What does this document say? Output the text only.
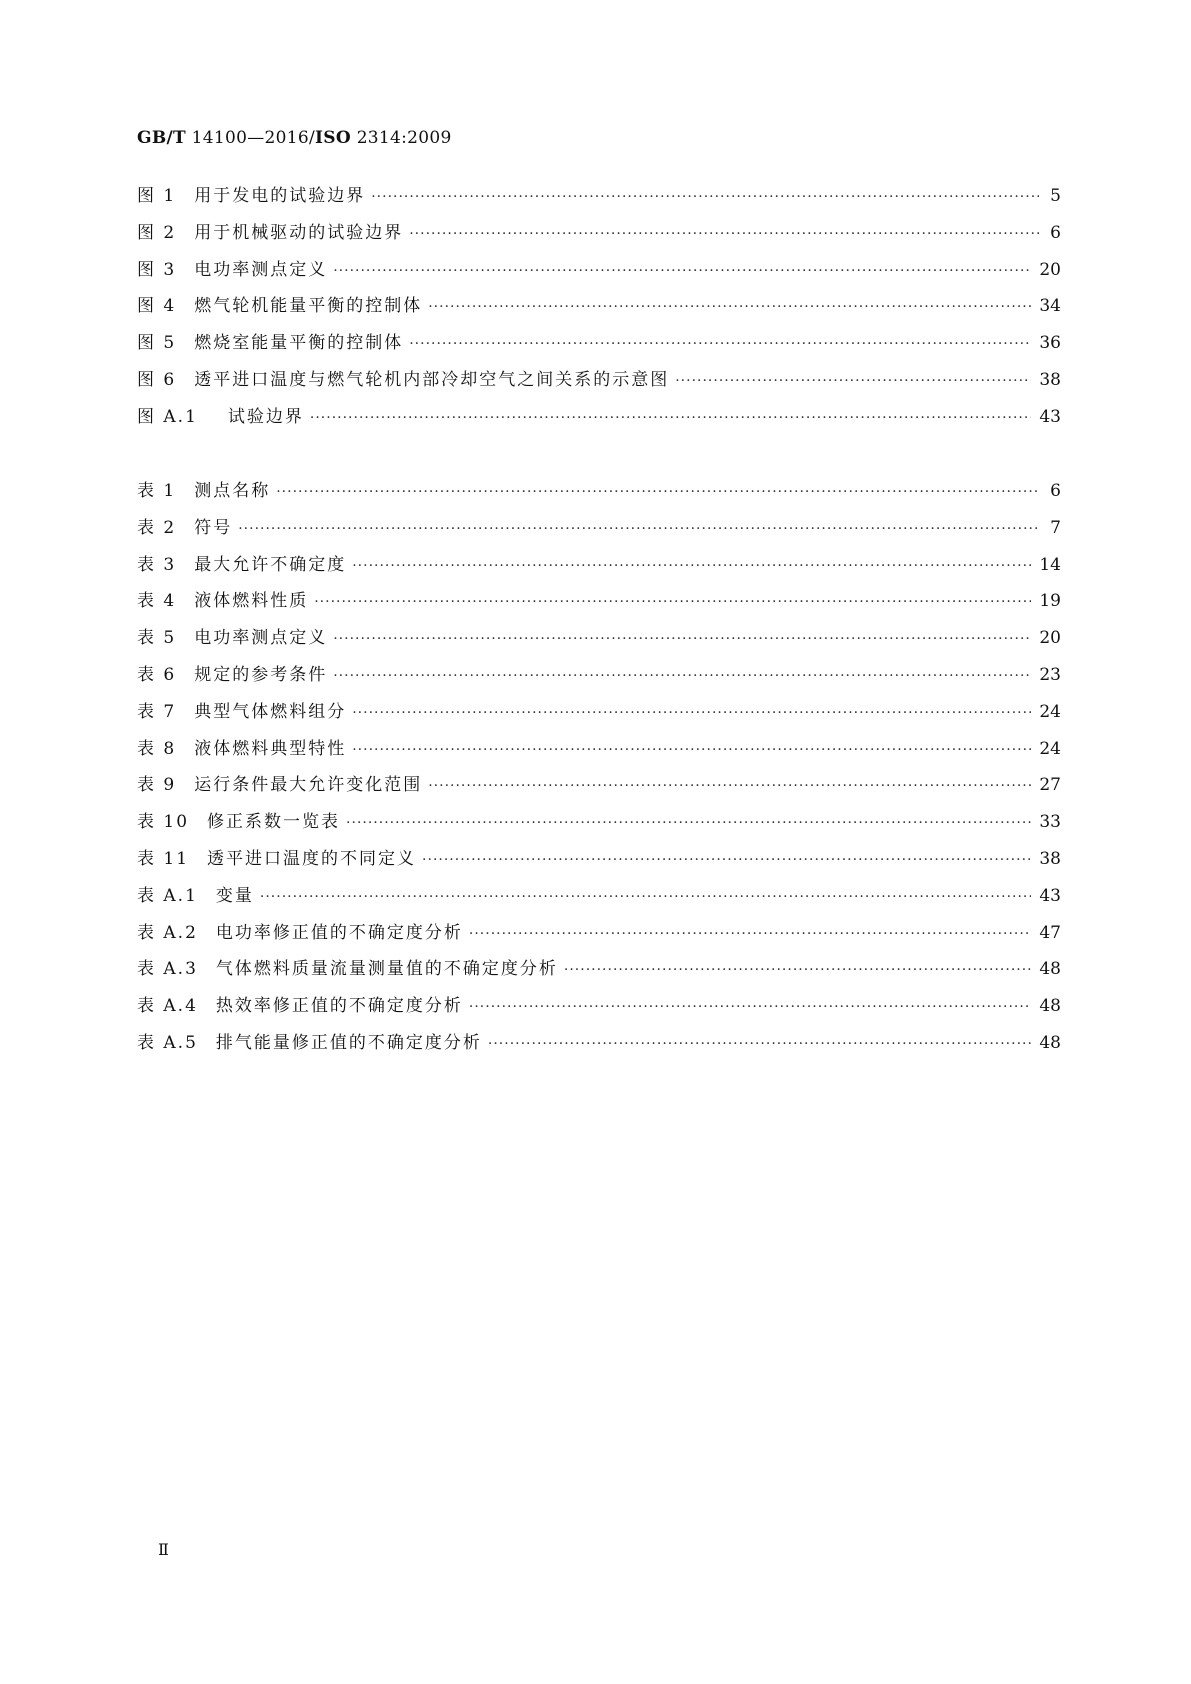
GB/T 14100—2016/ISO 2314:2009
图 1 用于发电的试验边界 ·····	5
图 2 用于机械驱动的试验边界 ·····	6
图 3 电功率测点定义 ·····	20
图 4 燃气轮机能量平衡的控制体 ·····	34
图 5 燃烧室能量平衡的控制体 ·····	36
图 6 透平进口温度与燃气轮机内部冷却空气之间关系的示意图 ·····	38
图 A.1 试验边界 ·····	43
表 1 测点名称 ·····	6
表 2 符号 ·····	7
表 3 最大允许不确定度 ·····	14
表 4 液体燃料性质 ·····	19
表 5 电功率测点定义 ·····	20
表 6 规定的参考条件 ·····	23
表 7 典型气体燃料组分 ·····	24
表 8 液体燃料典型特性 ·····	24
表 9 运行条件最大允许变化范围 ·····	27
表 10 修正系数一览表 ·····	33
表 11 透平进口温度的不同定义 ·····	38
表 A.1 变量 ·····	43
表 A.2 电功率修正值的不确定度分析 ·····	47
表 A.3 气体燃料质量流量测量值的不确定度分析 ·····	48
表 A.4 热效率修正值的不确定度分析 ·····	48
表 A.5 排气能量修正值的不确定度分析 ·····	48
Ⅱ
